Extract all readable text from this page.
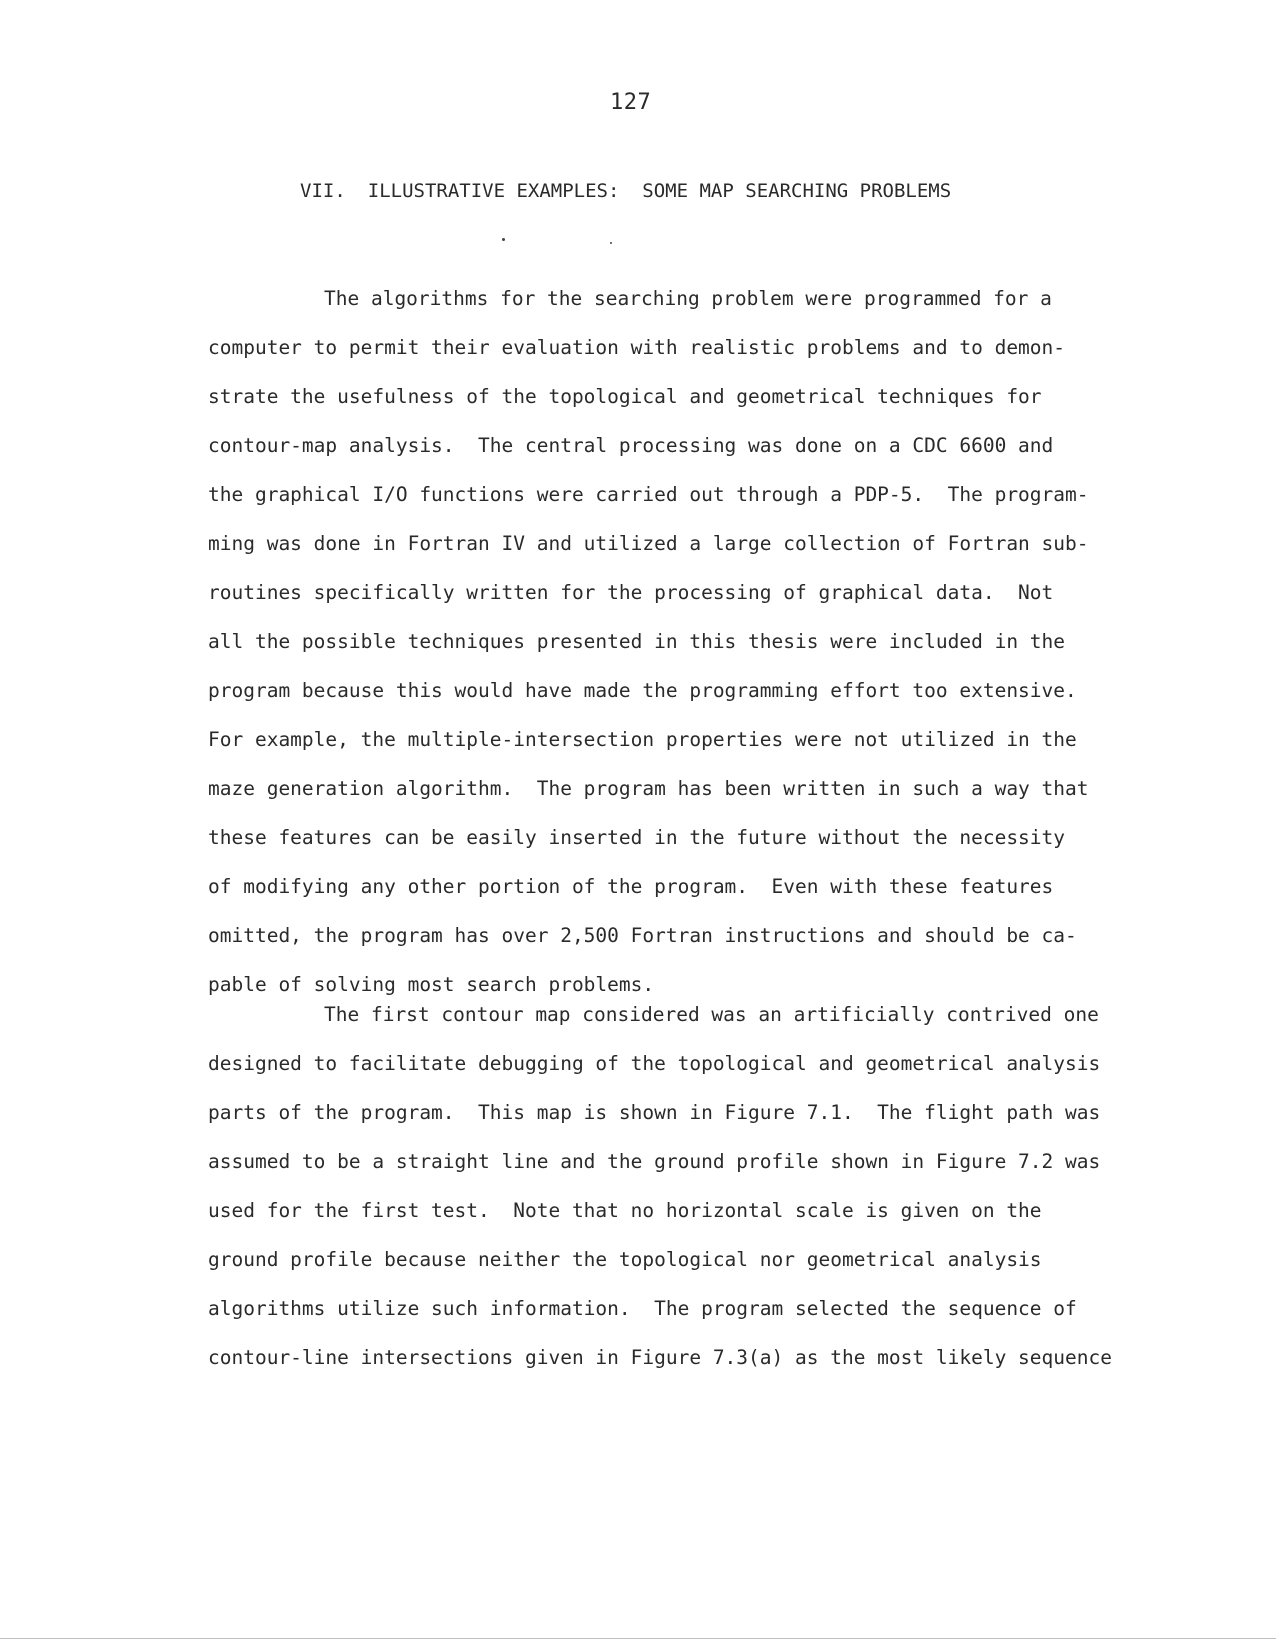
127
VII. ILLUSTRATIVE EXAMPLES:  SOME MAP SEARCHING PROBLEMS
The algorithms for the searching problem were programmed for a
computer to permit their evaluation with realistic problems and to demon-
strate the usefulness of the topological and geometrical techniques for
contour-map analysis.  The central processing was done on a CDC 6600 and
the graphical I/O functions were carried out through a PDP-5.  The program-
ming was done in Fortran IV and utilized a large collection of Fortran sub-
routines specifically written for the processing of graphical data.  Not
all the possible techniques presented in this thesis were included in the
program because this would have made the programming effort too extensive.
For example, the multiple-intersection properties were not utilized in the
maze generation algorithm.  The program has been written in such a way that
these features can be easily inserted in the future without the necessity
of modifying any other portion of the program.  Even with these features
omitted, the program has over 2,500 Fortran instructions and should be ca-
pable of solving most search problems.
The first contour map considered was an artificially contrived one
designed to facilitate debugging of the topological and geometrical analysis
parts of the program.  This map is shown in Figure 7.1.  The flight path was
assumed to be a straight line and the ground profile shown in Figure 7.2 was
used for the first test.  Note that no horizontal scale is given on the
ground profile because neither the topological nor geometrical analysis
algorithms utilize such information.  The program selected the sequence of
contour-line intersections given in Figure 7.3(a) as the most likely sequence
